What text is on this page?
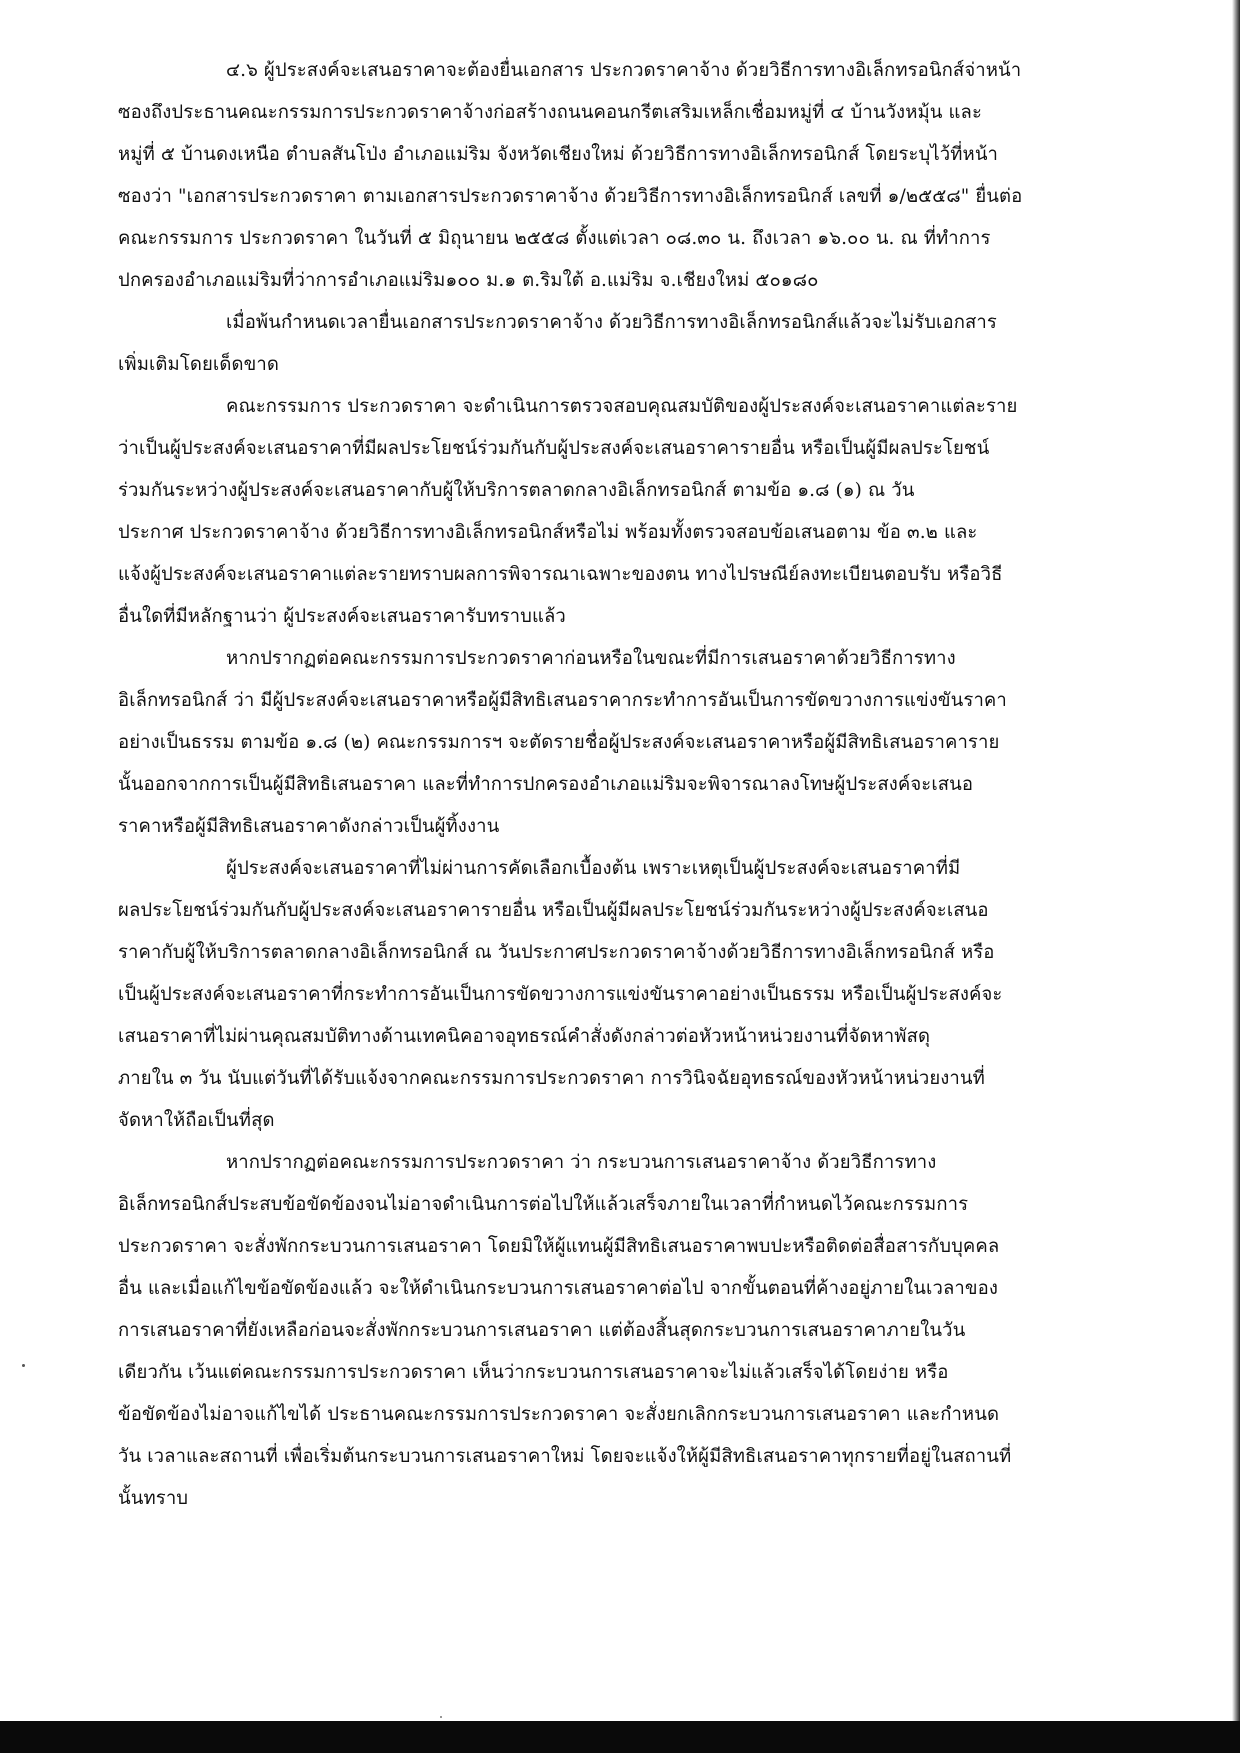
๔.๖ ผู้ประสงค์จะเสนอราคาจะต้องยื่นเอกสาร ประกวดราคาจ้าง ด้วยวิธีการทางอิเล็กทรอนิกส์จ่าหน้า
ซองถึงประธานคณะกรรมการประกวดราคาจ้างก่อสร้างถนนคอนกรีตเสริมเหล็กเชื่อมหมู่ที่ ๔ บ้านวังหมุ้น และ
หมู่ที่ ๕ บ้านดงเหนือ ตำบลสันโป่ง อำเภอแม่ริม จังหวัดเชียงใหม่ ด้วยวิธีการทางอิเล็กทรอนิกส์ โดยระบุไว้ที่หน้า
ซองว่า "เอกสารประกวดราคา ตามเอกสารประกวดราคาจ้าง ด้วยวิธีการทางอิเล็กทรอนิกส์ เลขที่ ๑/๒๕๕๘" ยื่นต่อ
คณะกรรมการ ประกวดราคา ในวันที่ ๕ มิถุนายน ๒๕๕๘ ตั้งแต่เวลา ๐๘.๓๐ น. ถึงเวลา ๑๖.๐๐ น. ณ ที่ทำการ
ปกครองอำเภอแม่ริมที่ว่าการอำเภอแม่ริม๑๐๐ ม.๑ ต.ริมใต้ อ.แม่ริม จ.เชียงใหม่ ๕๐๑๘๐
เมื่อพ้นกำหนดเวลายื่นเอกสารประกวดราคาจ้าง ด้วยวิธีการทางอิเล็กทรอนิกส์แล้วจะไม่รับเอกสาร
เพิ่มเติมโดยเด็ดขาด
คณะกรรมการ ประกวดราคา จะดำเนินการตรวจสอบคุณสมบัติของผู้ประสงค์จะเสนอราคาแต่ละราย
ว่าเป็นผู้ประสงค์จะเสนอราคาที่มีผลประโยชน์ร่วมกันกับผู้ประสงค์จะเสนอราคารายอื่น หรือเป็นผู้มีผลประโยชน์
ร่วมกันระหว่างผู้ประสงค์จะเสนอราคากับผู้ให้บริการตลาดกลางอิเล็กทรอนิกส์ ตามข้อ ๑.๘ (๑) ณ วัน
ประกาศ ประกวดราคาจ้าง ด้วยวิธีการทางอิเล็กทรอนิกส์หรือไม่ พร้อมทั้งตรวจสอบข้อเสนอตาม ข้อ ๓.๒ และ
แจ้งผู้ประสงค์จะเสนอราคาแต่ละรายทราบผลการพิจารณาเฉพาะของตน ทางไปรษณีย์ลงทะเบียนตอบรับ หรือวิธี
อื่นใดที่มีหลักฐานว่า ผู้ประสงค์จะเสนอราคารับทราบแล้ว
หากปรากฏต่อคณะกรรมการประกวดราคาก่อนหรือในขณะที่มีการเสนอราคาด้วยวิธีการทาง
อิเล็กทรอนิกส์ ว่า มีผู้ประสงค์จะเสนอราคาหรือผู้มีสิทธิเสนอราคากระทำการอันเป็นการขัดขวางการแข่งขันราคา
อย่างเป็นธรรม ตามข้อ ๑.๘ (๒) คณะกรรมการฯ จะตัดรายชื่อผู้ประสงค์จะเสนอราคาหรือผู้มีสิทธิเสนอราคาราย
นั้นออกจากการเป็นผู้มีสิทธิเสนอราคา และที่ทำการปกครองอำเภอแม่ริมจะพิจารณาลงโทษผู้ประสงค์จะเสนอ
ราคาหรือผู้มีสิทธิเสนอราคาดังกล่าวเป็นผู้ทิ้งงาน
ผู้ประสงค์จะเสนอราคาที่ไม่ผ่านการคัดเลือกเบื้องต้น เพราะเหตุเป็นผู้ประสงค์จะเสนอราคาที่มี
ผลประโยชน์ร่วมกันกับผู้ประสงค์จะเสนอราคารายอื่น หรือเป็นผู้มีผลประโยชน์ร่วมกันระหว่างผู้ประสงค์จะเสนอ
ราคากับผู้ให้บริการตลาดกลางอิเล็กทรอนิกส์ ณ วันประกาศประกวดราคาจ้างด้วยวิธีการทางอิเล็กทรอนิกส์ หรือ
เป็นผู้ประสงค์จะเสนอราคาที่กระทำการอันเป็นการขัดขวางการแข่งขันราคาอย่างเป็นธรรม หรือเป็นผู้ประสงค์จะ
เสนอราคาที่ไม่ผ่านคุณสมบัติทางด้านเทคนิคอาจอุทธรณ์คำสั่งดังกล่าวต่อหัวหน้าหน่วยงานที่จัดหาพัสดุ
ภายใน ๓ วัน นับแต่วันที่ได้รับแจ้งจากคณะกรรมการประกวดราคา การวินิจฉัยอุทธรณ์ของหัวหน้าหน่วยงานที่
จัดหาให้ถือเป็นที่สุด
หากปรากฏต่อคณะกรรมการประกวดราคา ว่า กระบวนการเสนอราคาจ้าง ด้วยวิธีการทาง
อิเล็กทรอนิกส์ประสบข้อขัดข้องจนไม่อาจดำเนินการต่อไปให้แล้วเสร็จภายในเวลาที่กำหนดไว้คณะกรรมการ
ประกวดราคา จะสั่งพักกระบวนการเสนอราคา โดยมิให้ผู้แทนผู้มีสิทธิเสนอราคาพบปะหรือติดต่อสื่อสารกับบุคคล
อื่น และเมื่อแก้ไขข้อขัดข้องแล้ว จะให้ดำเนินกระบวนการเสนอราคาต่อไป จากขั้นตอนที่ค้างอยู่ภายในเวลาของ
การเสนอราคาที่ยังเหลือก่อนจะสั่งพักกระบวนการเสนอราคา แต่ต้องสิ้นสุดกระบวนการเสนอราคาภายในวัน
เดียวกัน เว้นแต่คณะกรรมการประกวดราคา เห็นว่ากระบวนการเสนอราคาจะไม่แล้วเสร็จได้โดยง่าย หรือ
ข้อขัดข้องไม่อาจแก้ไขได้ ประธานคณะกรรมการประกวดราคา จะสั่งยกเลิกกระบวนการเสนอราคา และกำหนด
วัน เวลาและสถานที่ เพื่อเริ่มต้นกระบวนการเสนอราคาใหม่ โดยจะแจ้งให้ผู้มีสิทธิเสนอราคาทุกรายที่อยู่ในสถานที่
นั้นทราบ
